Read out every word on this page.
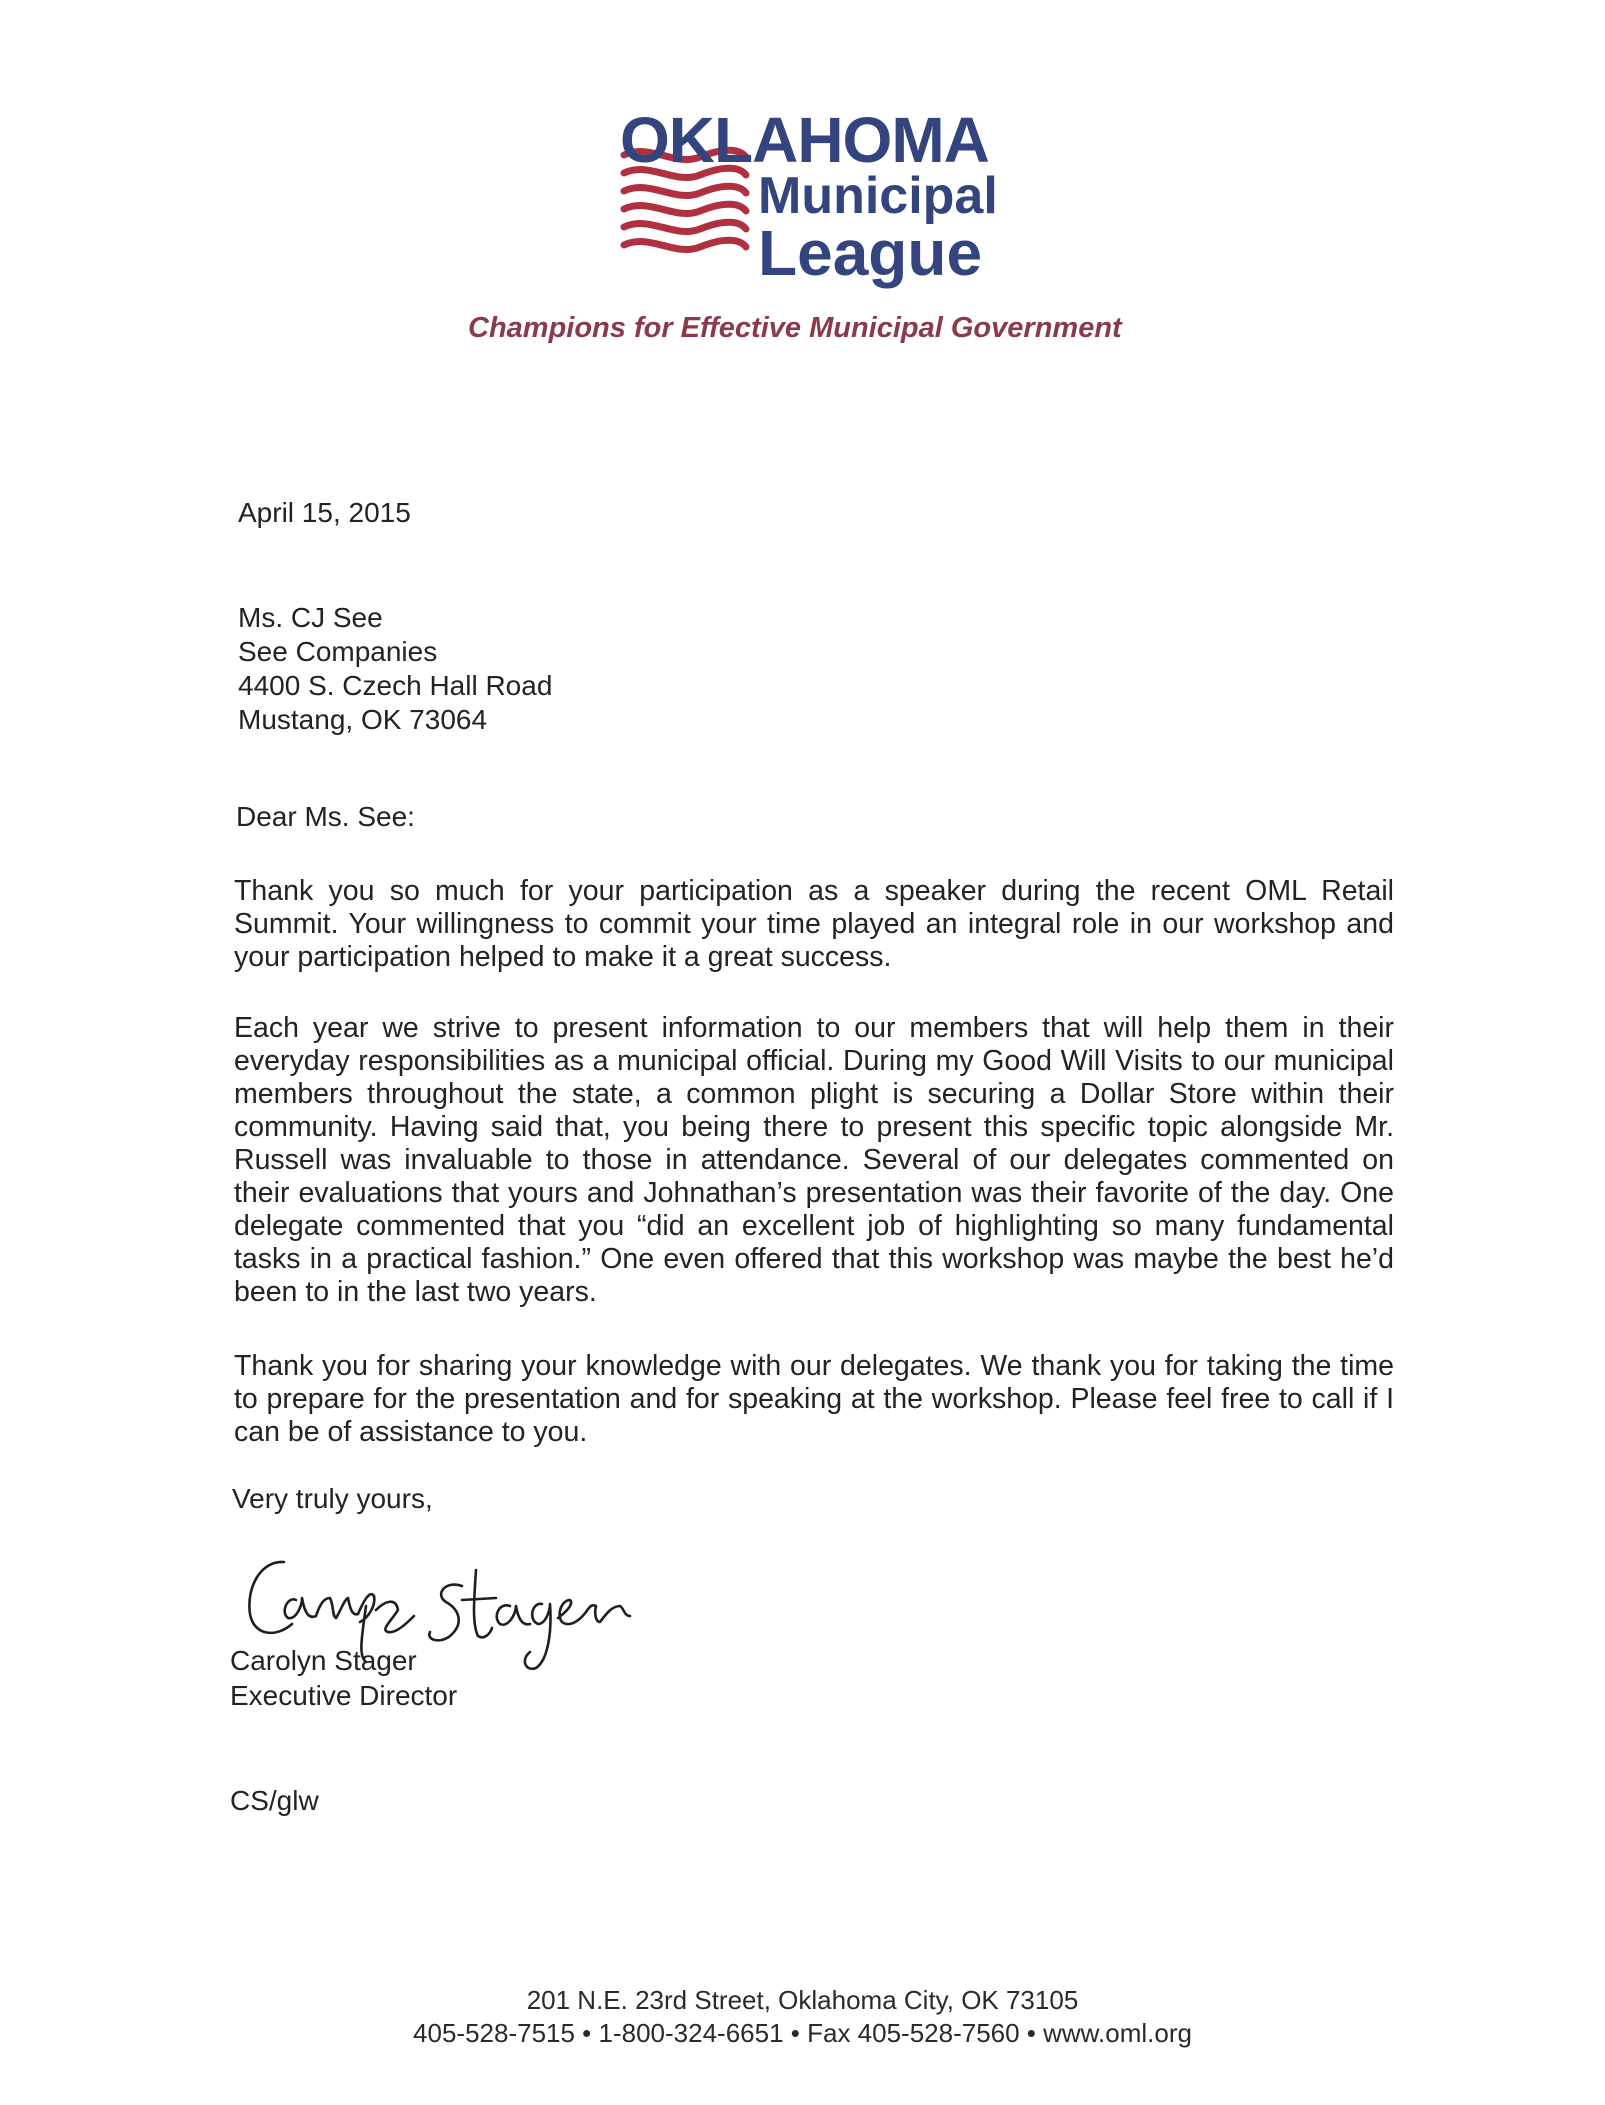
OKLAHOMA
Municipal
League
Champions for Effective Municipal Government
April 15, 2015
Ms. CJ See
See Companies
4400 S. Czech Hall Road
Mustang, OK 73064
Dear Ms. See:
Thank you so much for your participation as a speaker during the recent OML Retail Summit. Your willingness to commit your time played an integral role in our workshop and your participation helped to make it a great success.
Each year we strive to present information to our members that will help them in their everyday responsibilities as a municipal official. During my Good Will Visits to our municipal members throughout the state, a common plight is securing a Dollar Store within their community. Having said that, you being there to present this specific topic alongside Mr. Russell was invaluable to those in attendance. Several of our delegates commented on their evaluations that yours and Johnathan’s presentation was their favorite of the day. One delegate commented that you “did an excellent job of highlighting so many fundamental tasks in a practical fashion.” One even offered that this workshop was maybe the best he’d been to in the last two years.
Thank you for sharing your knowledge with our delegates. We thank you for taking the time to prepare for the presentation and for speaking at the workshop. Please feel free to call if I can be of assistance to you.
Very truly yours,
Carolyn Stager
Executive Director
CS/glw
201 N.E. 23rd Street, Oklahoma City, OK 73105
405-528-7515 • 1-800-324-6651 • Fax 405-528-7560 • www.oml.org
